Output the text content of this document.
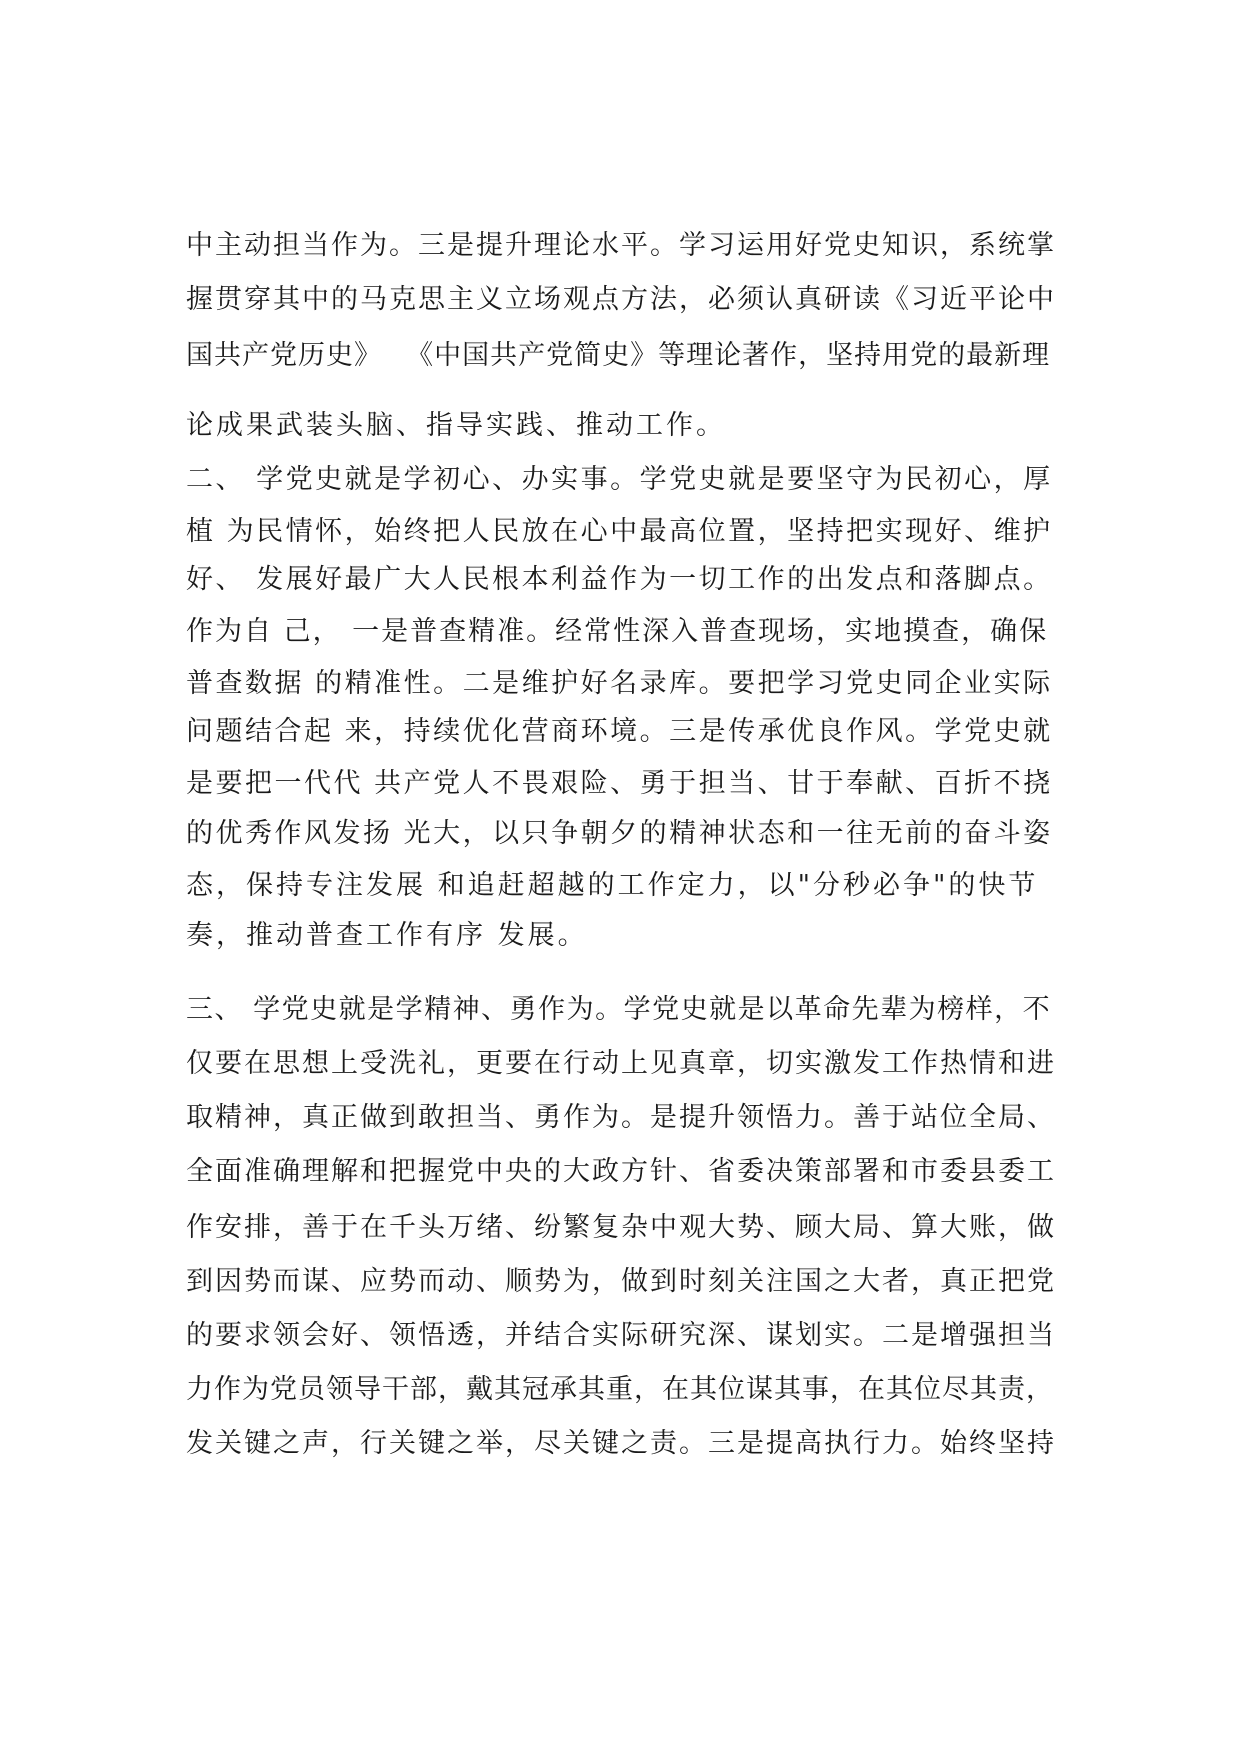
中主动担当作为。三是提升理论水平。学习运用好党史知识，系统掌

握贯穿其中的马克思主义立场观点方法，必须认真研读《习近平论中

国共产党历史》　 《中国共产党简史》等理论著作，坚持用党的最新理

论成果武装头脑、指导实践、推动工作。

二、 学党史就是学初心、办实事。学党史就是要坚守为民初心，厚

植 为民情怀，始终把人民放在心中最高位置，坚持把实现好、维护

好、 发展好最广大人民根本利益作为一切工作的出发点和落脚点。

作为自 己， 一是普查精准。经常性深入普查现场，实地摸查，确保

普查数据 的精准性。二是维护好名录库。要把学习党史同企业实际

问题结合起 来，持续优化营商环境。三是传承优良作风。学党史就

是要把一代代 共产党人不畏艰险、勇于担当、甘于奉献、百折不挠

的优秀作风发扬 光大，以只争朝夕的精神状态和一往无前的奋斗姿

态，保持专注发展 和追赶超越的工作定力，以"分秒必争"的快节

奏，推动普查工作有序 发展。

三、 学党史就是学精神、勇作为。学党史就是以革命先辈为榜样，不

仅要在思想上受洗礼，更要在行动上见真章，切实激发工作热情和进

取精神，真正做到敢担当、勇作为。是提升领悟力。善于站位全局、

全面准确理解和把握党中央的大政方针、省委决策部署和市委县委工

作安排，善于在千头万绪、纷繁复杂中观大势、顾大局、算大账，做

到因势而谋、应势而动、顺势为，做到时刻关注国之大者，真正把党

的要求领会好、领悟透，并结合实际研究深、谋划实。二是增强担当

力作为党员领导干部，戴其冠承其重，在其位谋其事，在其位尽其责，

发关键之声，行关键之举，尽关键之责。三是提高执行力。始终坚持
